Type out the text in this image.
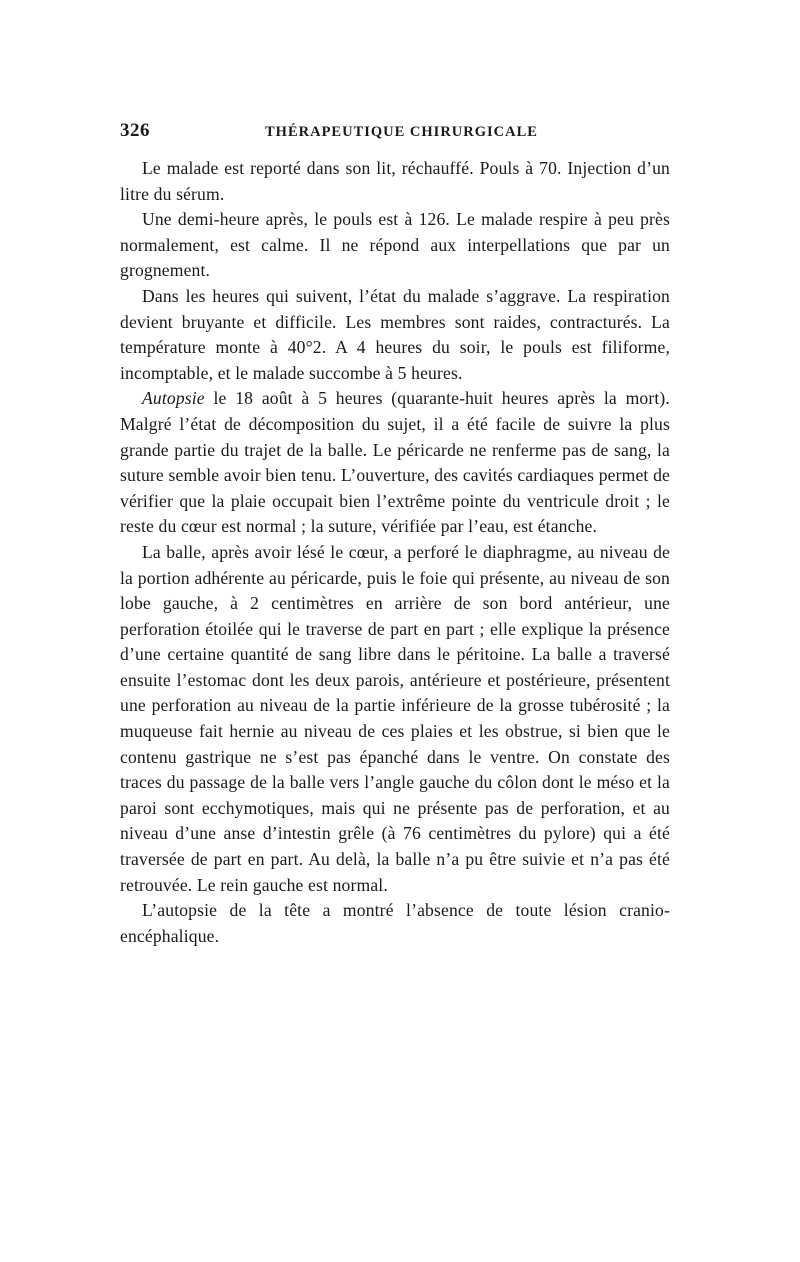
326	THÉRAPEUTIQUE CHIRURGICALE

Le malade est reporté dans son lit, réchauffé. Pouls à 70. Injection d’un litre du sérum.

Une demi-heure après, le pouls est à 126. Le malade respire à peu près normalement, est calme. Il ne répond aux interpellations que par un grognement.

Dans les heures qui suivent, l’état du malade s’aggrave. La respiration devient bruyante et difficile. Les membres sont raides, contracturés. La température monte à 40°2. A 4 heures du soir, le pouls est filiforme, incomptable, et le malade succombe à 5 heures.

Autopsie le 18 août à 5 heures (quarante-huit heures après la mort). Malgré l’état de décomposition du sujet, il a été facile de suivre la plus grande partie du trajet de la balle. Le péricarde ne renferme pas de sang, la suture semble avoir bien tenu. L’ouverture, des cavités cardiaques permet de vérifier que la plaie occupait bien l’extrême pointe du ventricule droit ; le reste du cœur est normal ; la suture, vérifiée par l’eau, est étanche.

La balle, après avoir lésé le cœur, a perforé le diaphragme, au niveau de la portion adhérente au péricarde, puis le foie qui présente, au niveau de son lobe gauche, à 2 centimètres en arrière de son bord antérieur, une perforation étoilée qui le traverse de part en part ; elle explique la présence d’une certaine quantité de sang libre dans le péritoine. La balle a traversé ensuite l’estomac dont les deux parois, antérieure et postérieure, présentent une perforation au niveau de la partie inférieure de la grosse tubérosité ; la muqueuse fait hernie au niveau de ces plaies et les obstrue, si bien que le contenu gastrique ne s’est pas épanché dans le ventre. On constate des traces du passage de la balle vers l’angle gauche du côlon dont le méso et la paroi sont ecchymotiques, mais qui ne présente pas de perforation, et au niveau d’une anse d’intestin grêle (à 76 centimètres du pylore) qui a été traversée de part en part. Au delà, la balle n’a pu être suivie et n’a pas été retrouvée. Le rein gauche est normal.

L’autopsie de la tête a montré l’absence de toute lésion cranio-encéphalique.
